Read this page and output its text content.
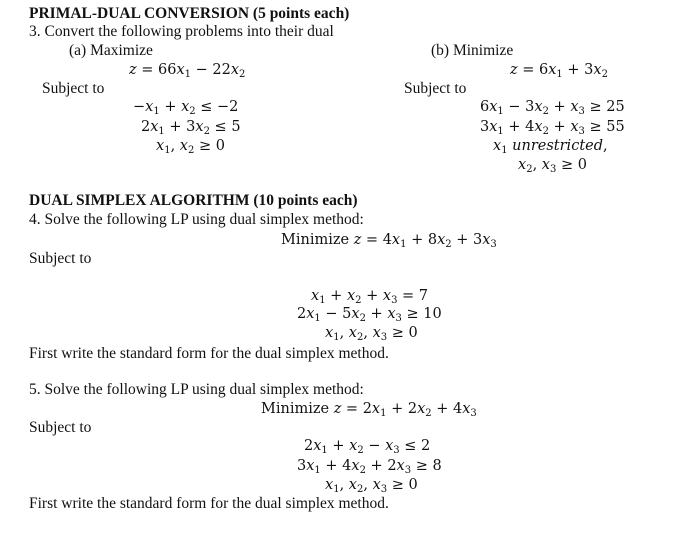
PRIMAL-DUAL CONVERSION (5 points each)
3. Convert the following problems into their dual
(a) Maximize
$z = 66x_1 - 22x_2$
Subject to
$-x_1 + x_2 \le -2$
$2x_1 + 3x_2 \le 5$
$x_1$, $x_2 \ge 0$
(b) Minimize
$z = 6x_1 + 3x_2$
Subject to
$6x_1 - 3x_2 + x_3 \ge 25$
$3x_1 + 4x_2 + x_3 \ge 55$
$x_1$ unrestricted,
$x_2$, $x_3 \ge 0$
DUAL SIMPLEX ALGORITHM (10 points each)
4. Solve the following LP using dual simplex method:
Minimize $z = 4x_1 + 8x_2 + 3x_3$
Subject to
$x_1 + x_2 + x_3 = 7$
$2x_1 - 5x_2 + x_3 \ge 10$
$x_1$, $x_2$, $x_3 \ge 0$
First write the standard form for the dual simplex method.
5. Solve the following LP using dual simplex method:
Minimize $z = 2x_1 + 2x_2 + 4x_3$
Subject to
$2x_1 + x_2 - x_3 \le 2$
$3x_1 + 4x_2 + 2x_3 \ge 8$
$x_1$, $x_2$, $x_3 \ge 0$
First write the standard form for the dual simplex method.
